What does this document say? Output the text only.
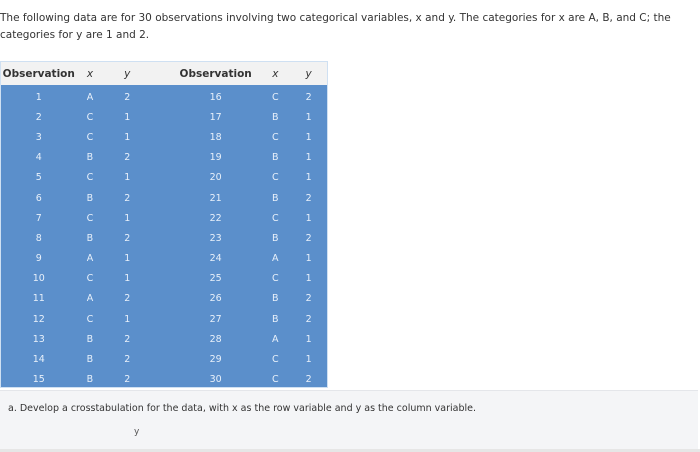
The following data are for 30 observations involving two categorical variables, x and y. The categories for x are A, B, and C; the categories for y are 1 and 2.
Observation	x	y	Observation	x	y
1	A	2	16	C	2
2	C	1	17	B	1
3	C	1	18	C	1
4	B	2	19	B	1
5	C	1	20	C	1
6	B	2	21	B	2
7	C	1	22	C	1
8	B	2	23	B	2
9	A	1	24	A	1
10	C	1	25	C	1
11	A	2	26	B	2
12	C	1	27	B	2
13	B	2	28	A	1
14	B	2	29	C	1
15	B	2	30	C	2
a. Develop a crosstabulation for the data, with x as the row variable and y as the column variable.
y
